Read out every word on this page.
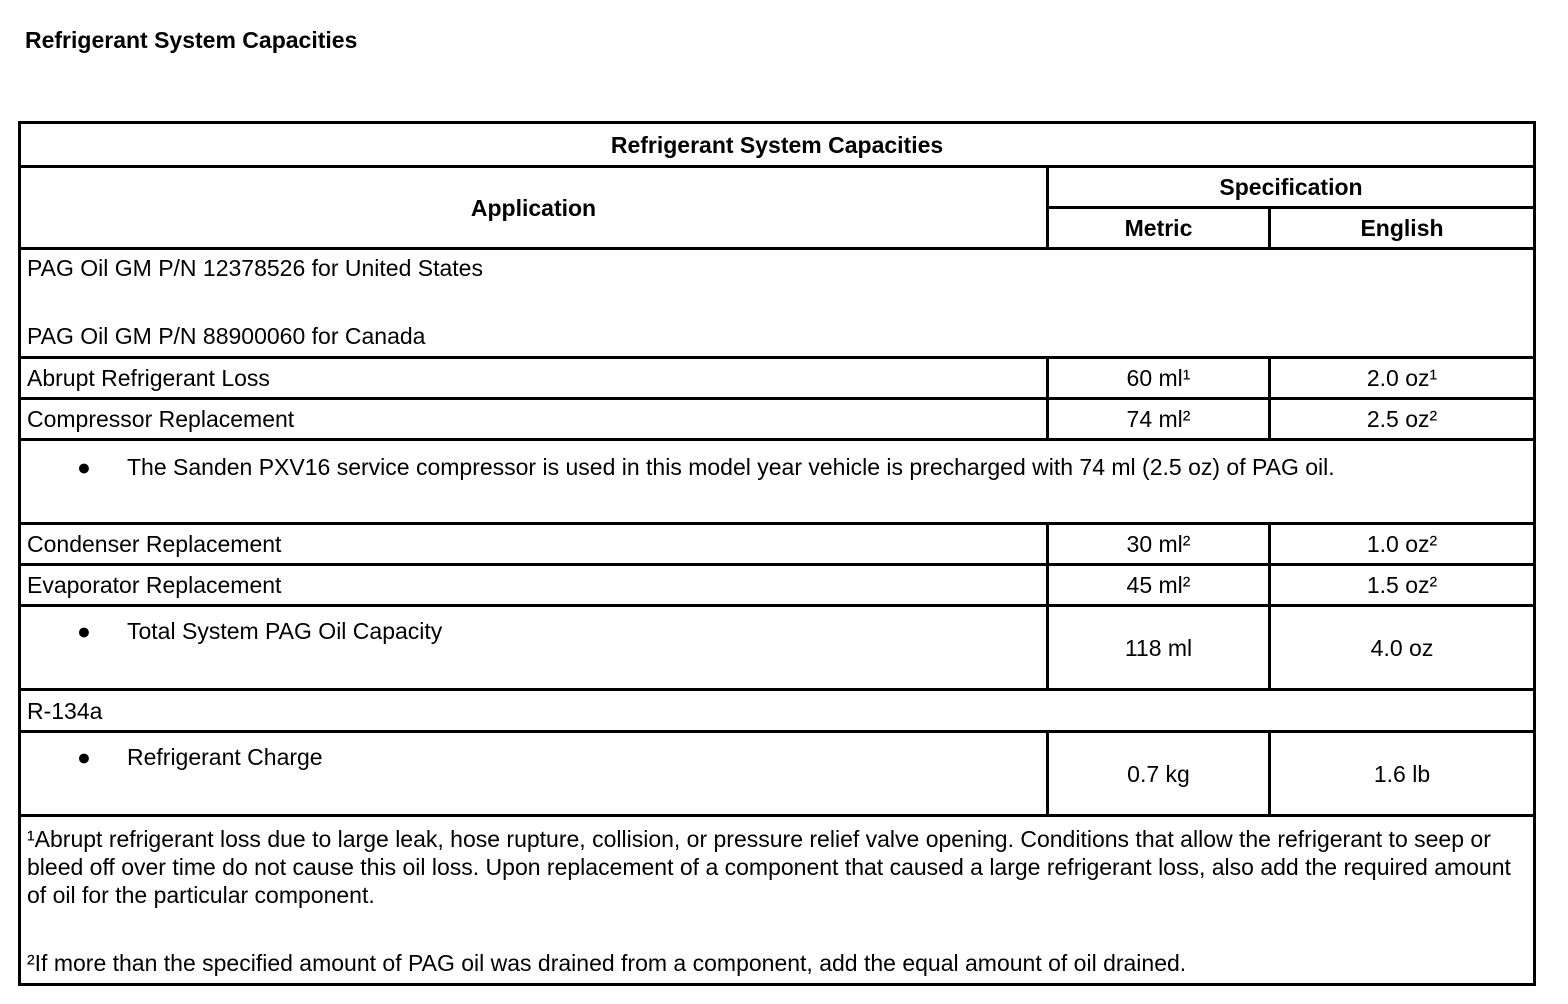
Refrigerant System Capacities
Refrigerant System Capacities		
Application	Specification	
	Metric	English

PAG Oil GM P/N 12378526 for United States
PAG Oil GM P/N 88900060 for Canada		

Abrupt Refrigerant Loss	60 ml¹	2.0 oz¹
Compressor Replacement	74 ml²	2.5 oz²

● The Sanden PXV16 service compressor is used in this model year vehicle is precharged with 74 ml (2.5 oz) of PAG oil.		

Condenser Replacement	30 ml²	1.0 oz²
Evaporator Replacement	45 ml²	1.5 oz²

● Total System PAG Oil Capacity	118 ml	4.0 oz
R-134a		

● Refrigerant Charge	0.7 kg	1.6 lb

¹Abrupt refrigerant loss due to large leak, hose rupture, collision, or pressure relief valve opening. Conditions that allow the refrigerant to seep or bleed off over time do not cause this oil loss. Upon replacement of a component that caused a large refrigerant loss, also add the required amount of oil for the particular component.
²If more than the specified amount of PAG oil was drained from a component, add the equal amount of oil drained.		
